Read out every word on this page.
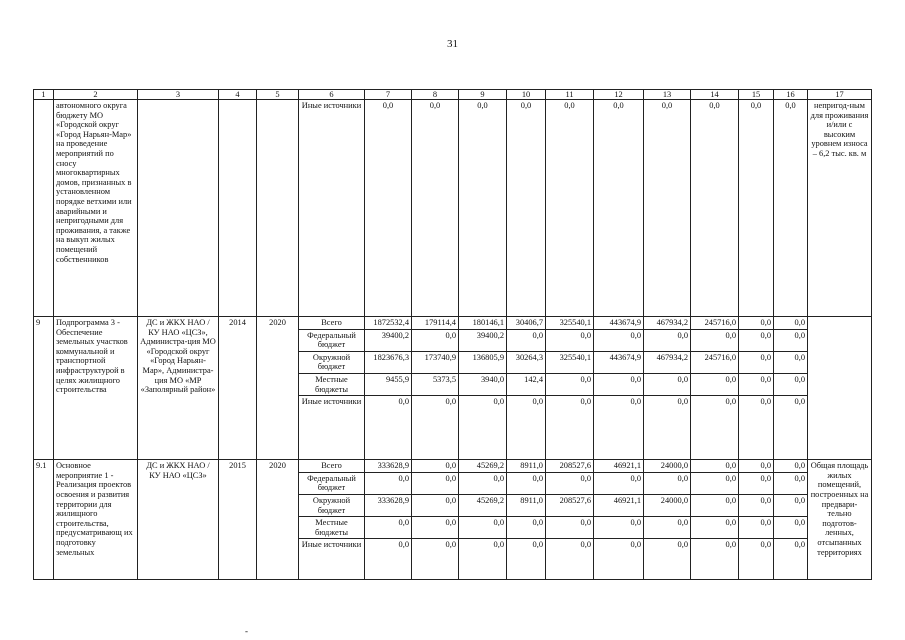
31
1	2	3	4	5	6	7	8	9	10	11	12	13	14	15	16	17
	автономного округа бюджету МО «Городской округ «Город Нарьян-Мар» на проведение мероприятий по сносу многоквартирных домов, признанных в установленном порядке ветхими или аварийными и непригодными для проживания, а также на выкуп жилых помещений собственников				Иные источники	0,0	0,0	0,0	0,0	0,0	0,0	0,0	0,0	0,0	0,0	непригод-ным для проживания и/или с высоким уровнем износа – 6,2 тыс. кв. м
9	Подпрограмма 3 - Обеспечение земельных участков коммунальной и транспортной инфраструктурой в целях жилищного строительства	ДС и ЖКХ НАО / КУ НАО «ЦСЗ», Администра-ция МО «Городской округ «Город Нарьян-Мар», Администра-ция МО «МР «Заполярный район»	2014	2020	Всего	1872532,4	179114,4	180146,1	30406,7	325540,1	443674,9	467934,2	245716,0	0,0	0,0	
					Федеральный бюджет	39400,2	0,0	39400,2	0,0	0,0	0,0	0,0	0,0	0,0	0,0	
					Окружной бюджет	1823676,3	173740,9	136805,9	30264,3	325540,1	443674,9	467934,2	245716,0	0,0	0,0	
					Местные бюджеты	9455,9	5373,5	3940,0	142,4	0,0	0,0	0,0	0,0	0,0	0,0	
					Иные источники	0,0	0,0	0,0	0,0	0,0	0,0	0,0	0,0	0,0	0,0	
9.1	Основное мероприятие 1 - Реализация проектов освоения и развития территории для жилищного строительства, предусматривающ их подготовку земельных	ДС и ЖКХ НАО / КУ НАО «ЦСЗ»	2015	2020	Всего	333628,9	0,0	45269,2	8911,0	208527,6	46921,1	24000,0	0,0	0,0	0,0	Общая площадь жилых помещений, построенных на предвари-тельно подготов-ленных, отсыпанных территориях
					Федеральный бюджет	0,0	0,0	0,0	0,0	0,0	0,0	0,0	0,0	0,0	0,0	
					Окружной бюджет	333628,9	0,0	45269,2	8911,0	208527,6	46921,1	24000,0	0,0	0,0	0,0	
					Местные бюджеты	0,0	0,0	0,0	0,0	0,0	0,0	0,0	0,0	0,0	0,0	
					Иные источники	0,0	0,0	0,0	0,0	0,0	0,0	0,0	0,0	0,0	0,0	
-
